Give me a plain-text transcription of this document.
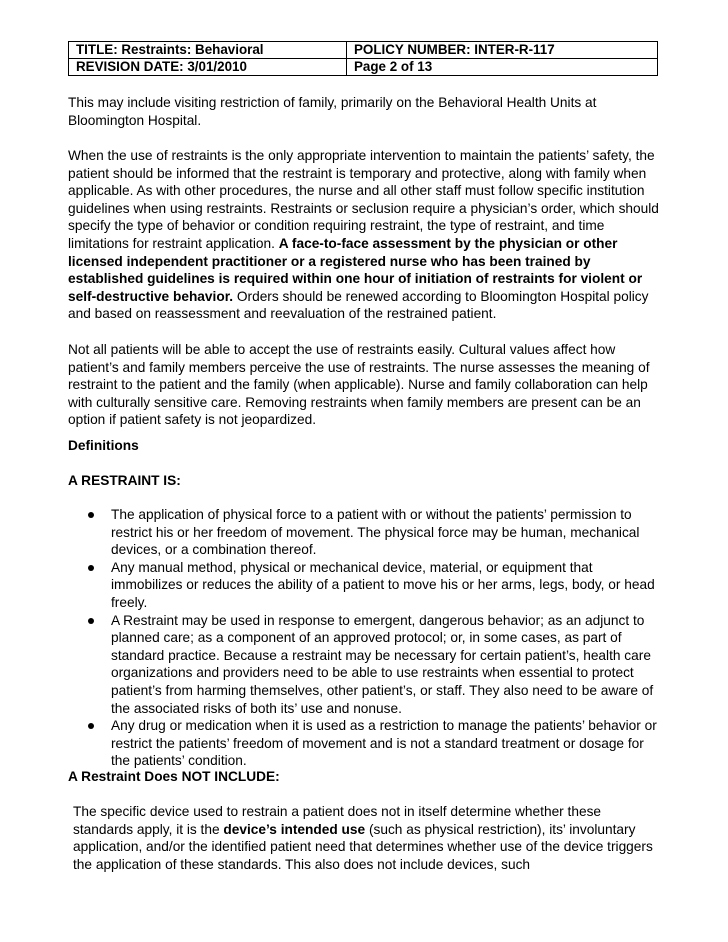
TITLE: Restraints: Behavioral	POLICY NUMBER: INTER-R-117
REVISION DATE: 3/01/2010	Page 2 of 13

This may include visiting restriction of family, primarily on the Behavioral Health Units at Bloomington Hospital.

When the use of restraints is the only appropriate intervention to maintain the patients’ safety, the patient should be informed that the restraint is temporary and protective, along with family when applicable. As with other procedures, the nurse and all other staff must follow specific institution guidelines when using restraints. Restraints or seclusion require a physician’s order, which should specify the type of behavior or condition requiring restraint, the type of restraint, and time limitations for restraint application. A face-to-face assessment by the physician or other licensed independent practitioner or a registered nurse who has been trained by established guidelines is required within one hour of initiation of restraints for violent or self-destructive behavior. Orders should be renewed according to Bloomington Hospital policy and based on reassessment and reevaluation of the restrained patient.

Not all patients will be able to accept the use of restraints easily. Cultural values affect how patient’s and family members perceive the use of restraints. The nurse assesses the meaning of restraint to the patient and the family (when applicable). Nurse and family collaboration can help with culturally sensitive care. Removing restraints when family members are present can be an option if patient safety is not jeopardized.

Definitions

A RESTRAINT IS:

The application of physical force to a patient with or without the patients’ permission to restrict his or her freedom of movement. The physical force may be human, mechanical devices, or a combination thereof.
Any manual method, physical or mechanical device, material, or equipment that immobilizes or reduces the ability of a patient to move his or her arms, legs, body, or head freely.
A Restraint may be used in response to emergent, dangerous behavior; as an adjunct to planned care; as a component of an approved protocol; or, in some cases, as part of standard practice. Because a restraint may be necessary for certain patient’s, health care organizations and providers need to be able to use restraints when essential to protect patient’s from harming themselves, other patient’s, or staff. They also need to be aware of the associated risks of both its’ use and nonuse.
Any drug or medication when it is used as a restriction to manage the patients’ behavior or restrict the patients’ freedom of movement and is not a standard treatment or dosage for the patients’ condition.

A Restraint Does NOT INCLUDE:

The specific device used to restrain a patient does not in itself determine whether these standards apply, it is the device’s intended use (such as physical restriction), its’ involuntary application, and/or the identified patient need that determines whether use of the device triggers the application of these standards. This also does not include devices, such
